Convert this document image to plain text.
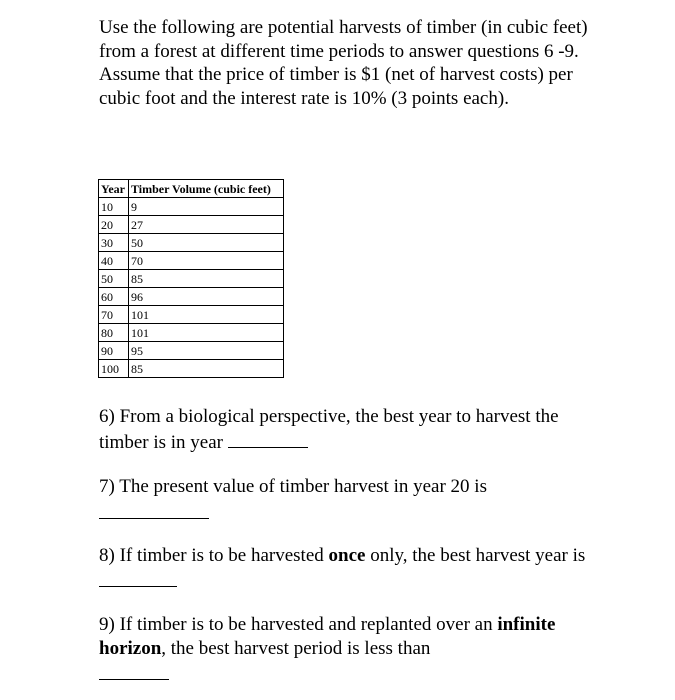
Use the following are potential harvests of timber (in cubic feet) from a forest at different time periods to answer questions 6 -9. Assume that the price of timber is $1 (net of harvest costs) per cubic foot and the interest rate is 10% (3 points each).

Year	Timber Volume (cubic feet)
10	9
20	27
30	50
40	70
50	85
60	96
70	101
80	101
90	95
100	85

6) From a biological perspective, the best year to harvest the timber is in year

7) The present value of timber harvest in year 20 is

8) If timber is to be harvested once only, the best harvest year is

9) If timber is to be harvested and replanted over an infinite horizon, the best harvest period is less than
